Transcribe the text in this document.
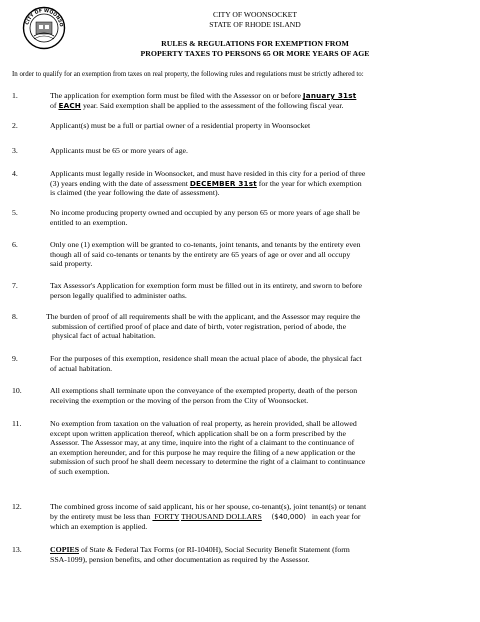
CITY OF WOONSO
CITY OF WOONSOCKET
STATE OF RHODE ISLAND
RULES & REGULATIONS FOR EXEMPTION FROM
PROPERTY TAXES TO PERSONS 65 OR MORE YEARS OF AGE
In order to qualify for an exemption from taxes on real property, the following rules and regulations must be strictly adhered to:
1.	The application for exemption form must be filed with the Assessor on or before January 31st
of EACH year. Said exemption shall be applied to the assessment of the following fiscal year.
2.	Applicant(s) must be a full or partial owner of a residential property in Woonsocket
3.	Applicants must be 65 or more years of age.
4.	Applicants must legally reside in Woonsocket, and must have resided in this city for a period of three
(3) years ending with the date of assessment DECEMBER 31st for the year for which exemption
is claimed (the year following the date of assessment).
5.	No income producing property owned and occupied by any person 65 or more years of age shall be
entitled to an exemption.
6.	Only one (1) exemption will be granted to co-tenants, joint tenants, and tenants by the entirety even
though all of said co-tenants or tenants by the entirety are 65 years of age or over and all occupy
said property.
7.	Tax Assessor's Application for exemption form must be filled out in its entirety, and sworn to before
person legally qualified to administer oaths.
8.	The burden of proof of all requirements shall be with the applicant, and the Assessor may require the
submission of certified proof of place and date of birth, voter registration, period of abode, the
physical fact of actual habitation.
9.	For the purposes of this exemption, residence shall mean the actual place of abode, the physical fact
of actual habitation.
10.	All exemptions shall terminate upon the conveyance of the exempted property, death of the person
receiving the exemption or the moving of the person from the City of Woonsocket.
11.	No exemption from taxation on the valuation of real property, as herein provided, shall be allowed
except upon written application thereof, which application shall be on a form prescribed by the
Assessor. The Assessor may, at any time, inquire into the right of a claimant to the continuance of
an exemption hereunder, and for this purpose he may require the filing of a new application or the
submission of such proof he shall deem necessary to determine the right of a claimant to continuance
of such exemption.
12.	The combined gross income of said applicant, his or her spouse, co-tenant(s), joint tenant(s) or tenant
by the entirety must be less than  FORTY THOUSAND DOLLARS ($40,000)   in each year for
which an exemption is applied.
13.	COPIES of State & Federal Tax Forms (or RI-1040H), Social Security Benefit Statement (form
SSA-1099), pension benefits, and other documentation as required by the Assessor.
